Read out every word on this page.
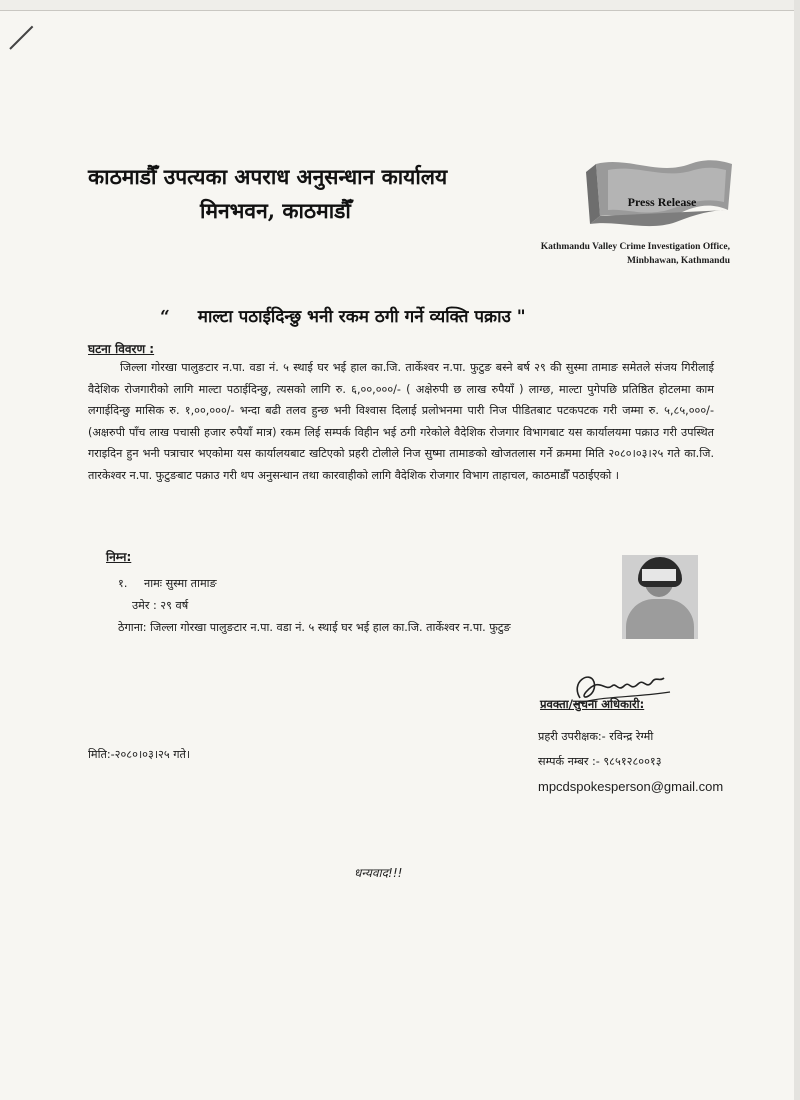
काठमाडौँ उपत्यका अपराध अनुसन्धान कार्यालय
मिनभवन, काठमाडौँ	Press Release
Kathmandu Valley Crime Investigation Office,
Minbhawan, Kathmandu
“ माल्टा पठाईदिन्छु भनी रकम ठगी गर्ने व्यक्ति पक्राउ "
घटना विवरण :
जिल्ला गोरखा पालुङटार न.पा. वडा नं. ५ स्थाई घर भई हाल का.जि. तार्केश्वर न.पा. फुटुङ बस्ने बर्ष २९ की सुस्मा तामाङ समेतले संजय गिरीलाई वैदेशिक रोजगारीको लागि माल्टा पठाईदिन्छु, त्यसको लागि रु. ६,००,०००/- ( अक्षेरुपी छ लाख रुपैयाँ ) लाग्छ, माल्टा पुगेपछि प्रतिष्ठित होटलमा काम लगाईदिन्छु मासिक रु. १,००,०००/- भन्दा बढी तलव हुन्छ भनी विश्वास दिलाई प्रलोभनमा पारी निज पीडितबाट पटकपटक गरी जम्मा रु. ५,८५,०००/- (अक्षरुपी पाँच लाख पचासी हजार रुपैयाँ मात्र) रकम लिई सम्पर्क विहीन भई ठगी गरेकोले वैदेशिक रोजगार विभागबाट यस कार्यालयमा पक्राउ गरी उपस्थित गराइदिन हुन भनी पत्राचार भएकोमा यस कार्यालयबाट खटिएको प्रहरी टोलीले निज सुष्मा तामाङको खोजतलास गर्ने क्रममा मिति २०८०।०३।२५ गते का.जि. तारकेश्वर न.पा. फुटुङबाट पक्राउ गरी थप अनुसन्धान तथा कारवाहीको लागि वैदेशिक रोजगार विभाग ताहाचल, काठमाडौँ पठाईएको ।
निम्न:
१. नामः सुस्मा तामाङ
उमेर : २९ वर्ष
ठेगाना: जिल्ला गोरखा पालुङटार न.पा. वडा नं. ५ स्थाई घर भई हाल का.जि. तार्केश्वर न.पा. फुटुङ
प्रवक्ता/सुचना अधिकारी:
प्रहरी उपरीक्षक:- रविन्द्र रेग्मी
सम्पर्क नम्बर :- ९८५१२८००१३
mpcdspokesperson@gmail.com
मिति:-२०८०।०३।२५ गते।
धन्यवाद!!!
